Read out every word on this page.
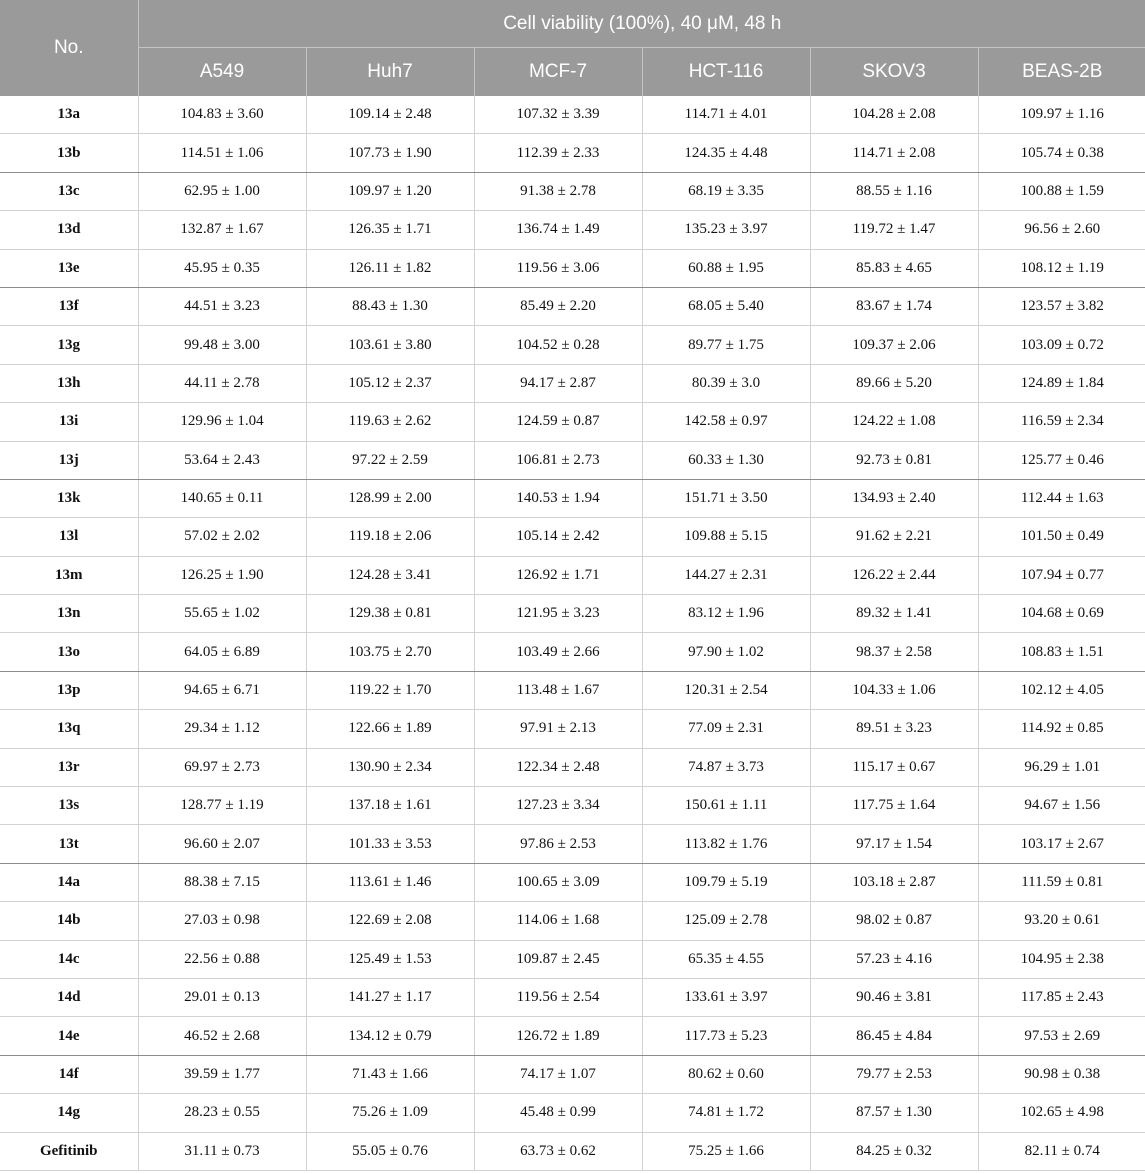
No.	Cell viability (100%), 40 μM, 48 h					
	A549	Huh7	MCF-7	HCT-116	SKOV3	BEAS-2B
13a	104.83 ± 3.60	109.14 ± 2.48	107.32 ± 3.39	114.71 ± 4.01	104.28 ± 2.08	109.97 ± 1.16
13b	114.51 ± 1.06	107.73 ± 1.90	112.39 ± 2.33	124.35 ± 4.48	114.71 ± 2.08	105.74 ± 0.38
13c	62.95 ± 1.00	109.97 ± 1.20	91.38 ± 2.78	68.19 ± 3.35	88.55 ± 1.16	100.88 ± 1.59
13d	132.87 ± 1.67	126.35 ± 1.71	136.74 ± 1.49	135.23 ± 3.97	119.72 ± 1.47	96.56 ± 2.60
13e	45.95 ± 0.35	126.11 ± 1.82	119.56 ± 3.06	60.88 ± 1.95	85.83 ± 4.65	108.12 ± 1.19
13f	44.51 ± 3.23	88.43 ± 1.30	85.49 ± 2.20	68.05 ± 5.40	83.67 ± 1.74	123.57 ± 3.82
13g	99.48 ± 3.00	103.61 ± 3.80	104.52 ± 0.28	89.77 ± 1.75	109.37 ± 2.06	103.09 ± 0.72
13h	44.11 ± 2.78	105.12 ± 2.37	94.17 ± 2.87	80.39 ± 3.0	89.66 ± 5.20	124.89 ± 1.84
13i	129.96 ± 1.04	119.63 ± 2.62	124.59 ± 0.87	142.58 ± 0.97	124.22 ± 1.08	116.59 ± 2.34
13j	53.64 ± 2.43	97.22 ± 2.59	106.81 ± 2.73	60.33 ± 1.30	92.73 ± 0.81	125.77 ± 0.46
13k	140.65 ± 0.11	128.99 ± 2.00	140.53 ± 1.94	151.71 ± 3.50	134.93 ± 2.40	112.44 ± 1.63
13l	57.02 ± 2.02	119.18 ± 2.06	105.14 ± 2.42	109.88 ± 5.15	91.62 ± 2.21	101.50 ± 0.49
13m	126.25 ± 1.90	124.28 ± 3.41	126.92 ± 1.71	144.27 ± 2.31	126.22 ± 2.44	107.94 ± 0.77
13n	55.65 ± 1.02	129.38 ± 0.81	121.95 ± 3.23	83.12 ± 1.96	89.32 ± 1.41	104.68 ± 0.69
13o	64.05 ± 6.89	103.75 ± 2.70	103.49 ± 2.66	97.90 ± 1.02	98.37 ± 2.58	108.83 ± 1.51
13p	94.65 ± 6.71	119.22 ± 1.70	113.48 ± 1.67	120.31 ± 2.54	104.33 ± 1.06	102.12 ± 4.05
13q	29.34 ± 1.12	122.66 ± 1.89	97.91 ± 2.13	77.09 ± 2.31	89.51 ± 3.23	114.92 ± 0.85
13r	69.97 ± 2.73	130.90 ± 2.34	122.34 ± 2.48	74.87 ± 3.73	115.17 ± 0.67	96.29 ± 1.01
13s	128.77 ± 1.19	137.18 ± 1.61	127.23 ± 3.34	150.61 ± 1.11	117.75 ± 1.64	94.67 ± 1.56
13t	96.60 ± 2.07	101.33 ± 3.53	97.86 ± 2.53	113.82 ± 1.76	97.17 ± 1.54	103.17 ± 2.67
14a	88.38 ± 7.15	113.61 ± 1.46	100.65 ± 3.09	109.79 ± 5.19	103.18 ± 2.87	111.59 ± 0.81
14b	27.03 ± 0.98	122.69 ± 2.08	114.06 ± 1.68	125.09 ± 2.78	98.02 ± 0.87	93.20 ± 0.61
14c	22.56 ± 0.88	125.49 ± 1.53	109.87 ± 2.45	65.35 ± 4.55	57.23 ± 4.16	104.95 ± 2.38
14d	29.01 ± 0.13	141.27 ± 1.17	119.56 ± 2.54	133.61 ± 3.97	90.46 ± 3.81	117.85 ± 2.43
14e	46.52 ± 2.68	134.12 ± 0.79	126.72 ± 1.89	117.73 ± 5.23	86.45 ± 4.84	97.53 ± 2.69
14f	39.59 ± 1.77	71.43 ± 1.66	74.17 ± 1.07	80.62 ± 0.60	79.77 ± 2.53	90.98 ± 0.38
14g	28.23 ± 0.55	75.26 ± 1.09	45.48 ± 0.99	74.81 ± 1.72	87.57 ± 1.30	102.65 ± 4.98
Gefitinib	31.11 ± 0.73	55.05 ± 0.76	63.73 ± 0.62	75.25 ± 1.66	84.25 ± 0.32	82.11 ± 0.74
